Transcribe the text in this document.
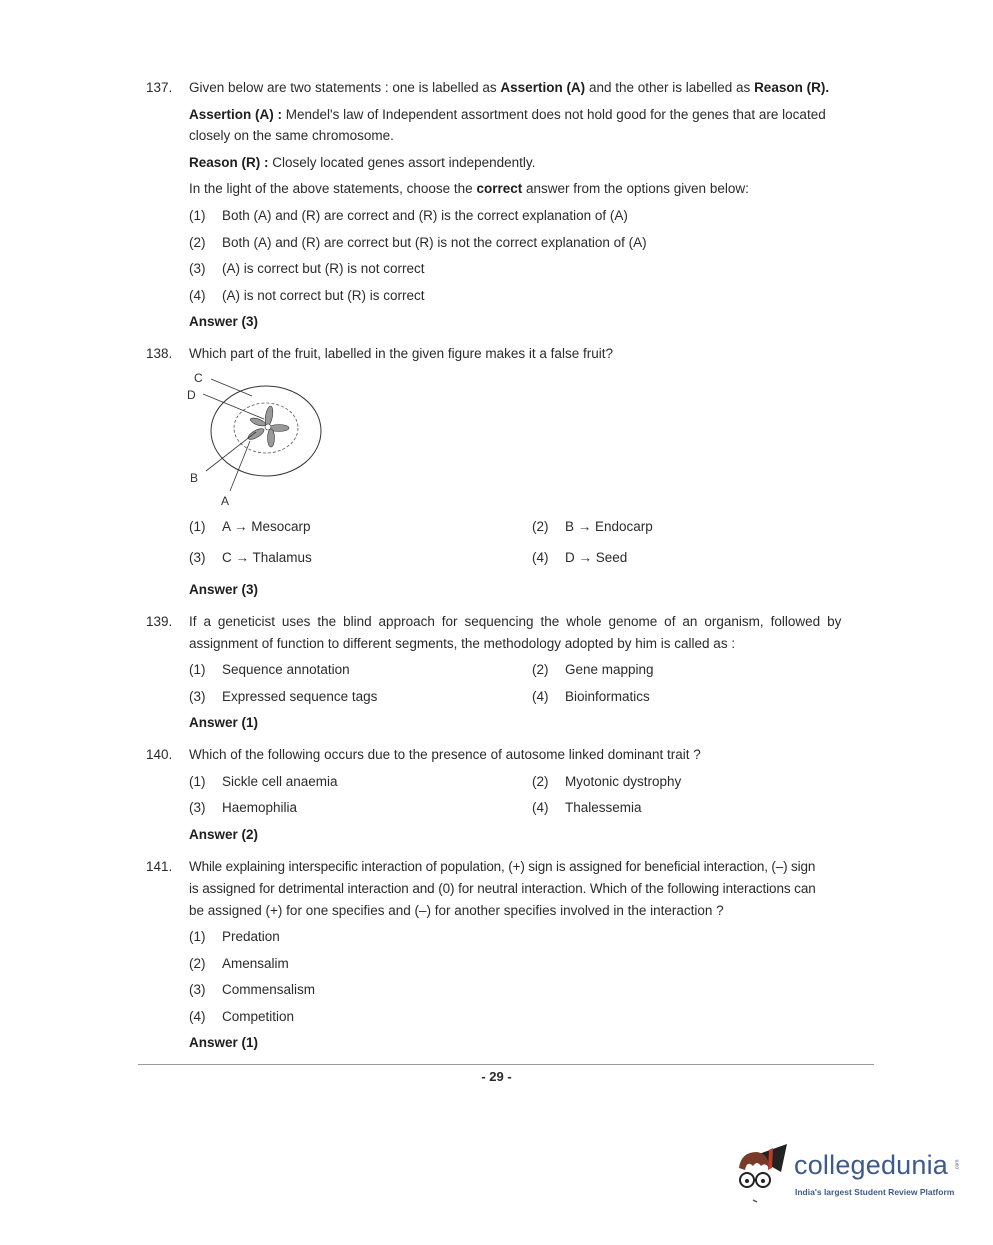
137. Given below are two statements : one is labelled as Assertion (A) and the other is labelled as Reason (R).
Assertion (A) : Mendel's law of Independent assortment does not hold good for the genes that are located
closely on the same chromosome.
Reason (R) : Closely located genes assort independently.
In the light of the above statements, choose the correct answer from the options given below:
(1) Both (A) and (R) are correct and (R) is the correct explanation of (A)
(2) Both (A) and (R) are correct but (R) is not the correct explanation of (A)
(3) (A) is correct but (R) is not correct
(4) (A) is not correct but (R) is correct
Answer (3)
138. Which part of the fruit, labelled in the given figure makes it a false fruit?
C
D
B
A
(1) A → Mesocarp	(2) B → Endocarp
(3) C → Thalamus	(4) D → Seed
Answer (3)
139. If a geneticist uses the blind approach for sequencing the whole genome of an organism, followed by
assignment of function to different segments, the methodology adopted by him is called as :
(1) Sequence annotation	(2) Gene mapping
(3) Expressed sequence tags	(4) Bioinformatics
Answer (1)
140. Which of the following occurs due to the presence of autosome linked dominant trait ?
(1) Sickle cell anaemia	(2) Myotonic dystrophy
(3) Haemophilia	(4) Thalessemia
Answer (2)
141. While explaining interspecific interaction of population, (+) sign is assigned for beneficial interaction, (–) sign
is assigned for detrimental interaction and (0) for neutral interaction. Which of the following interactions can
be assigned (+) for one specifies and (–) for another specifies involved in the interaction ?
(1) Predation
(2) Amensalim
(3) Commensalism
(4) Competition
Answer (1)
- 29 -
collegedunia .com
India's largest Student Review Platform
